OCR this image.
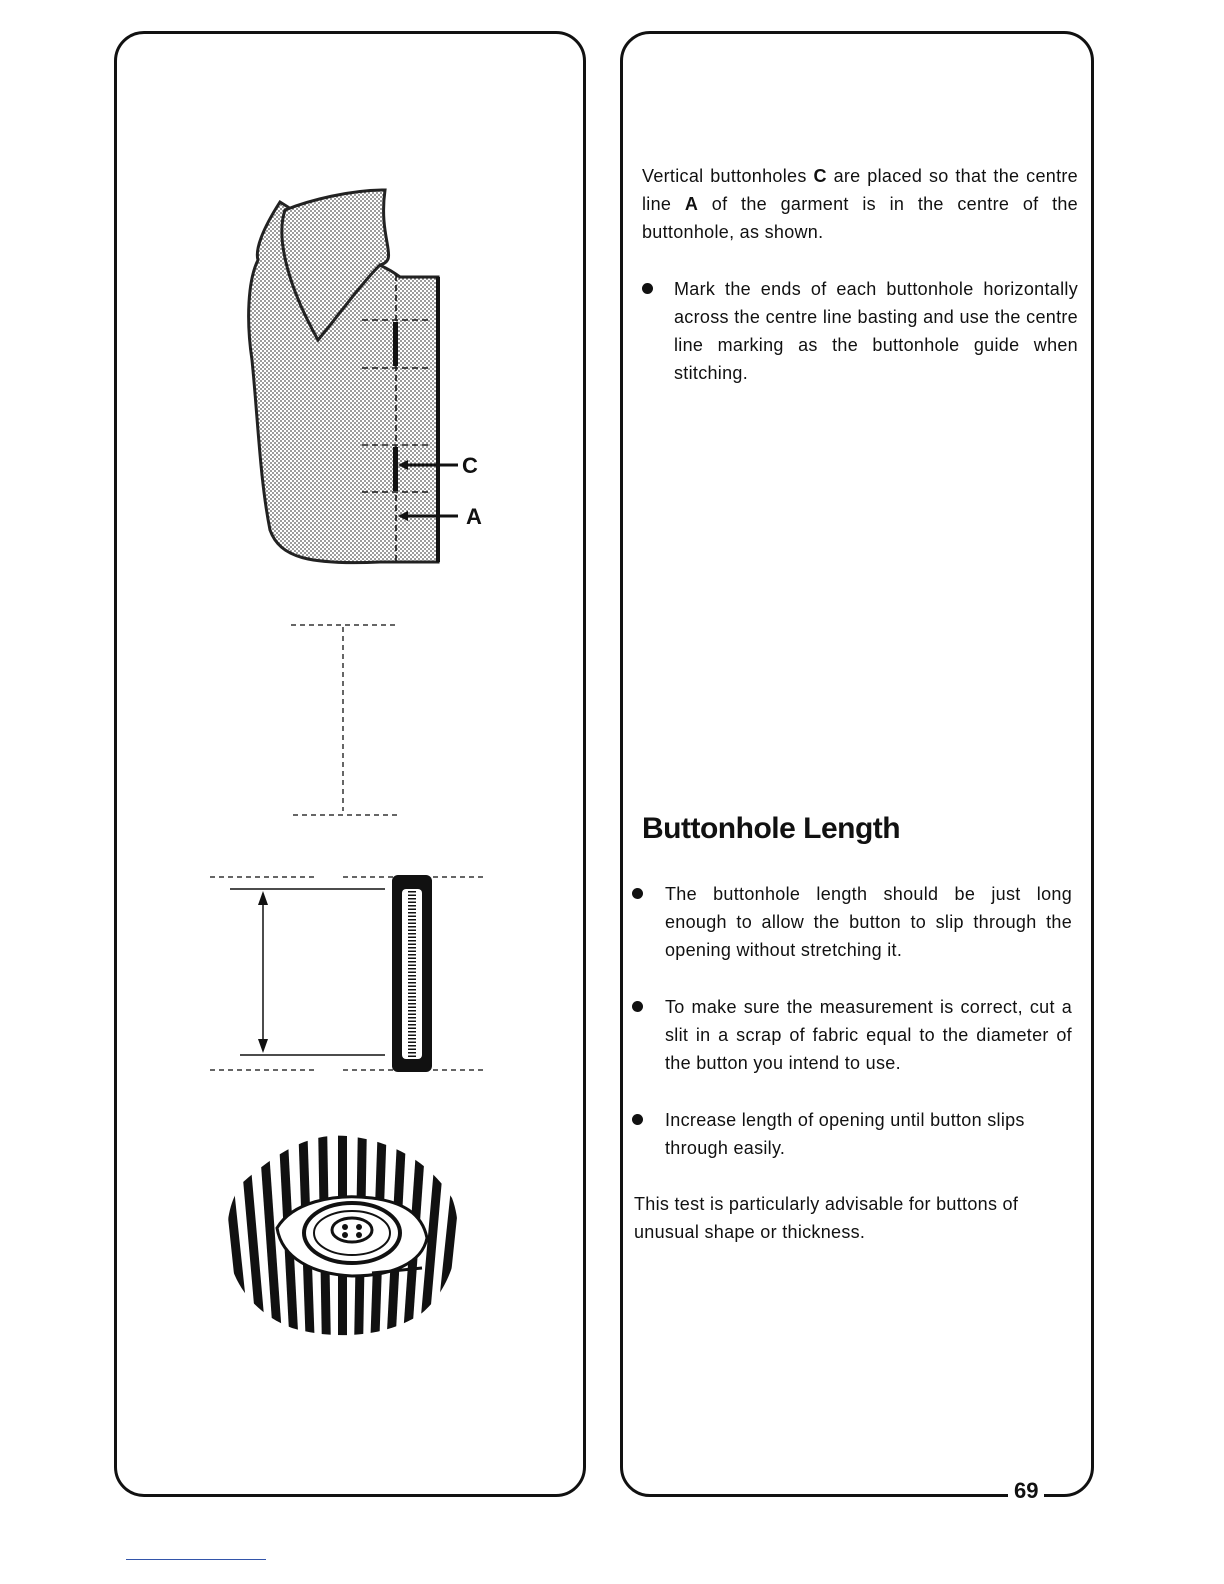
C
A

Vertical buttonholes C are placed so that the centre line A of the garment is in the centre of the buttonhole, as shown.

Mark the ends of each buttonhole horizontally across the centre line basting and use the centre line marking as the buttonhole guide when stitching.
Buttonhole Length
The buttonhole length should be just long enough to allow the button to slip through the opening without stretching it.
To make sure the measurement is correct, cut a slit in a scrap of fabric equal to the diameter of the button you intend to use.
Increase length of opening until button slips through easily.

This test is particularly advisable for buttons of unusual shape or thickness.

69
